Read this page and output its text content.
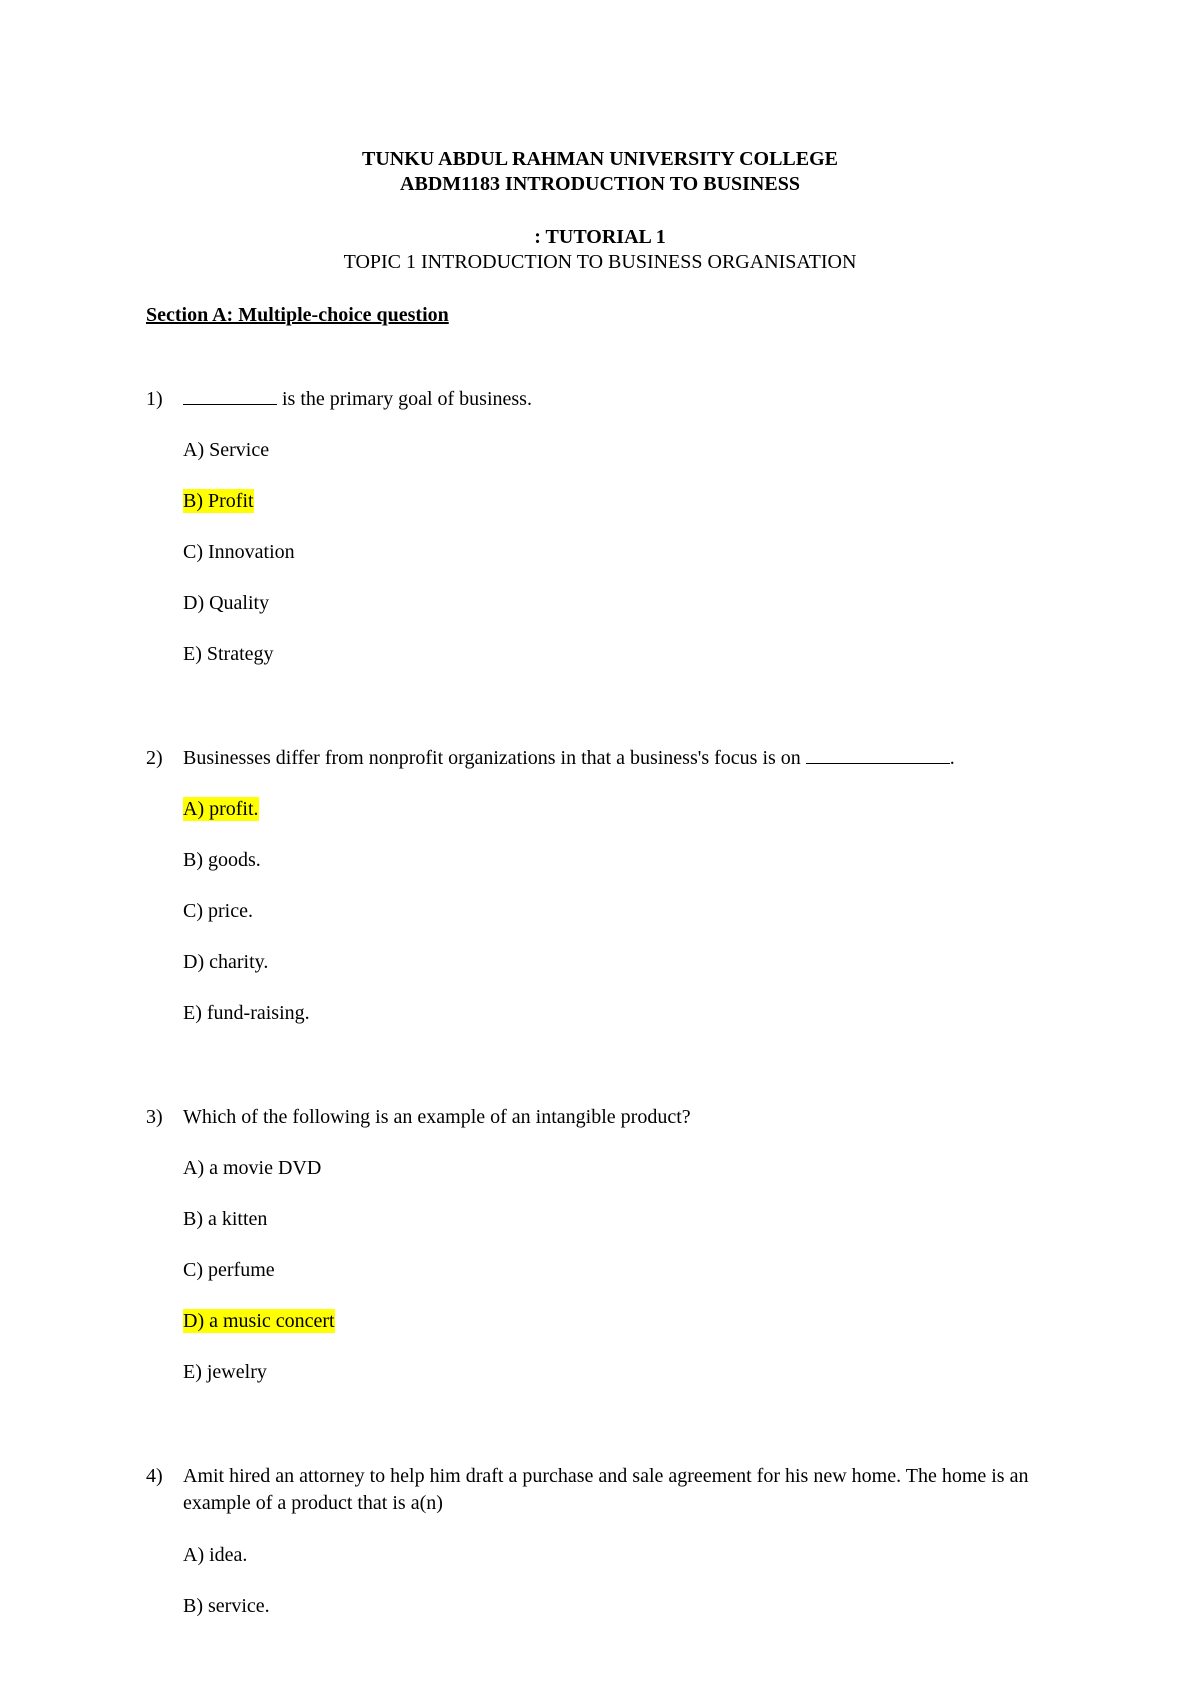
TUNKU ABDUL RAHMAN UNIVERSITY COLLEGE
ABDM1183 INTRODUCTION TO BUSINESS
: TUTORIAL 1
TOPIC 1 INTRODUCTION TO BUSINESS ORGANISATION
Section A: Multiple-choice question
1)	is the primary goal of business.
A) Service
B) Profit
C) Innovation
D) Quality
E) Strategy
2)	Businesses differ from nonprofit organizations in that a business's focus is on	.
A) profit.
B) goods.
C) price.
D) charity.
E) fund-raising.
3)	Which of the following is an example of an intangible product?
A) a movie DVD
B) a kitten
C) perfume
D) a music concert
E) jewelry
4)	Amit hired an attorney to help him draft a purchase and sale agreement for his new home. The home is an example of a product that is a(n)
A) idea.
B) service.
